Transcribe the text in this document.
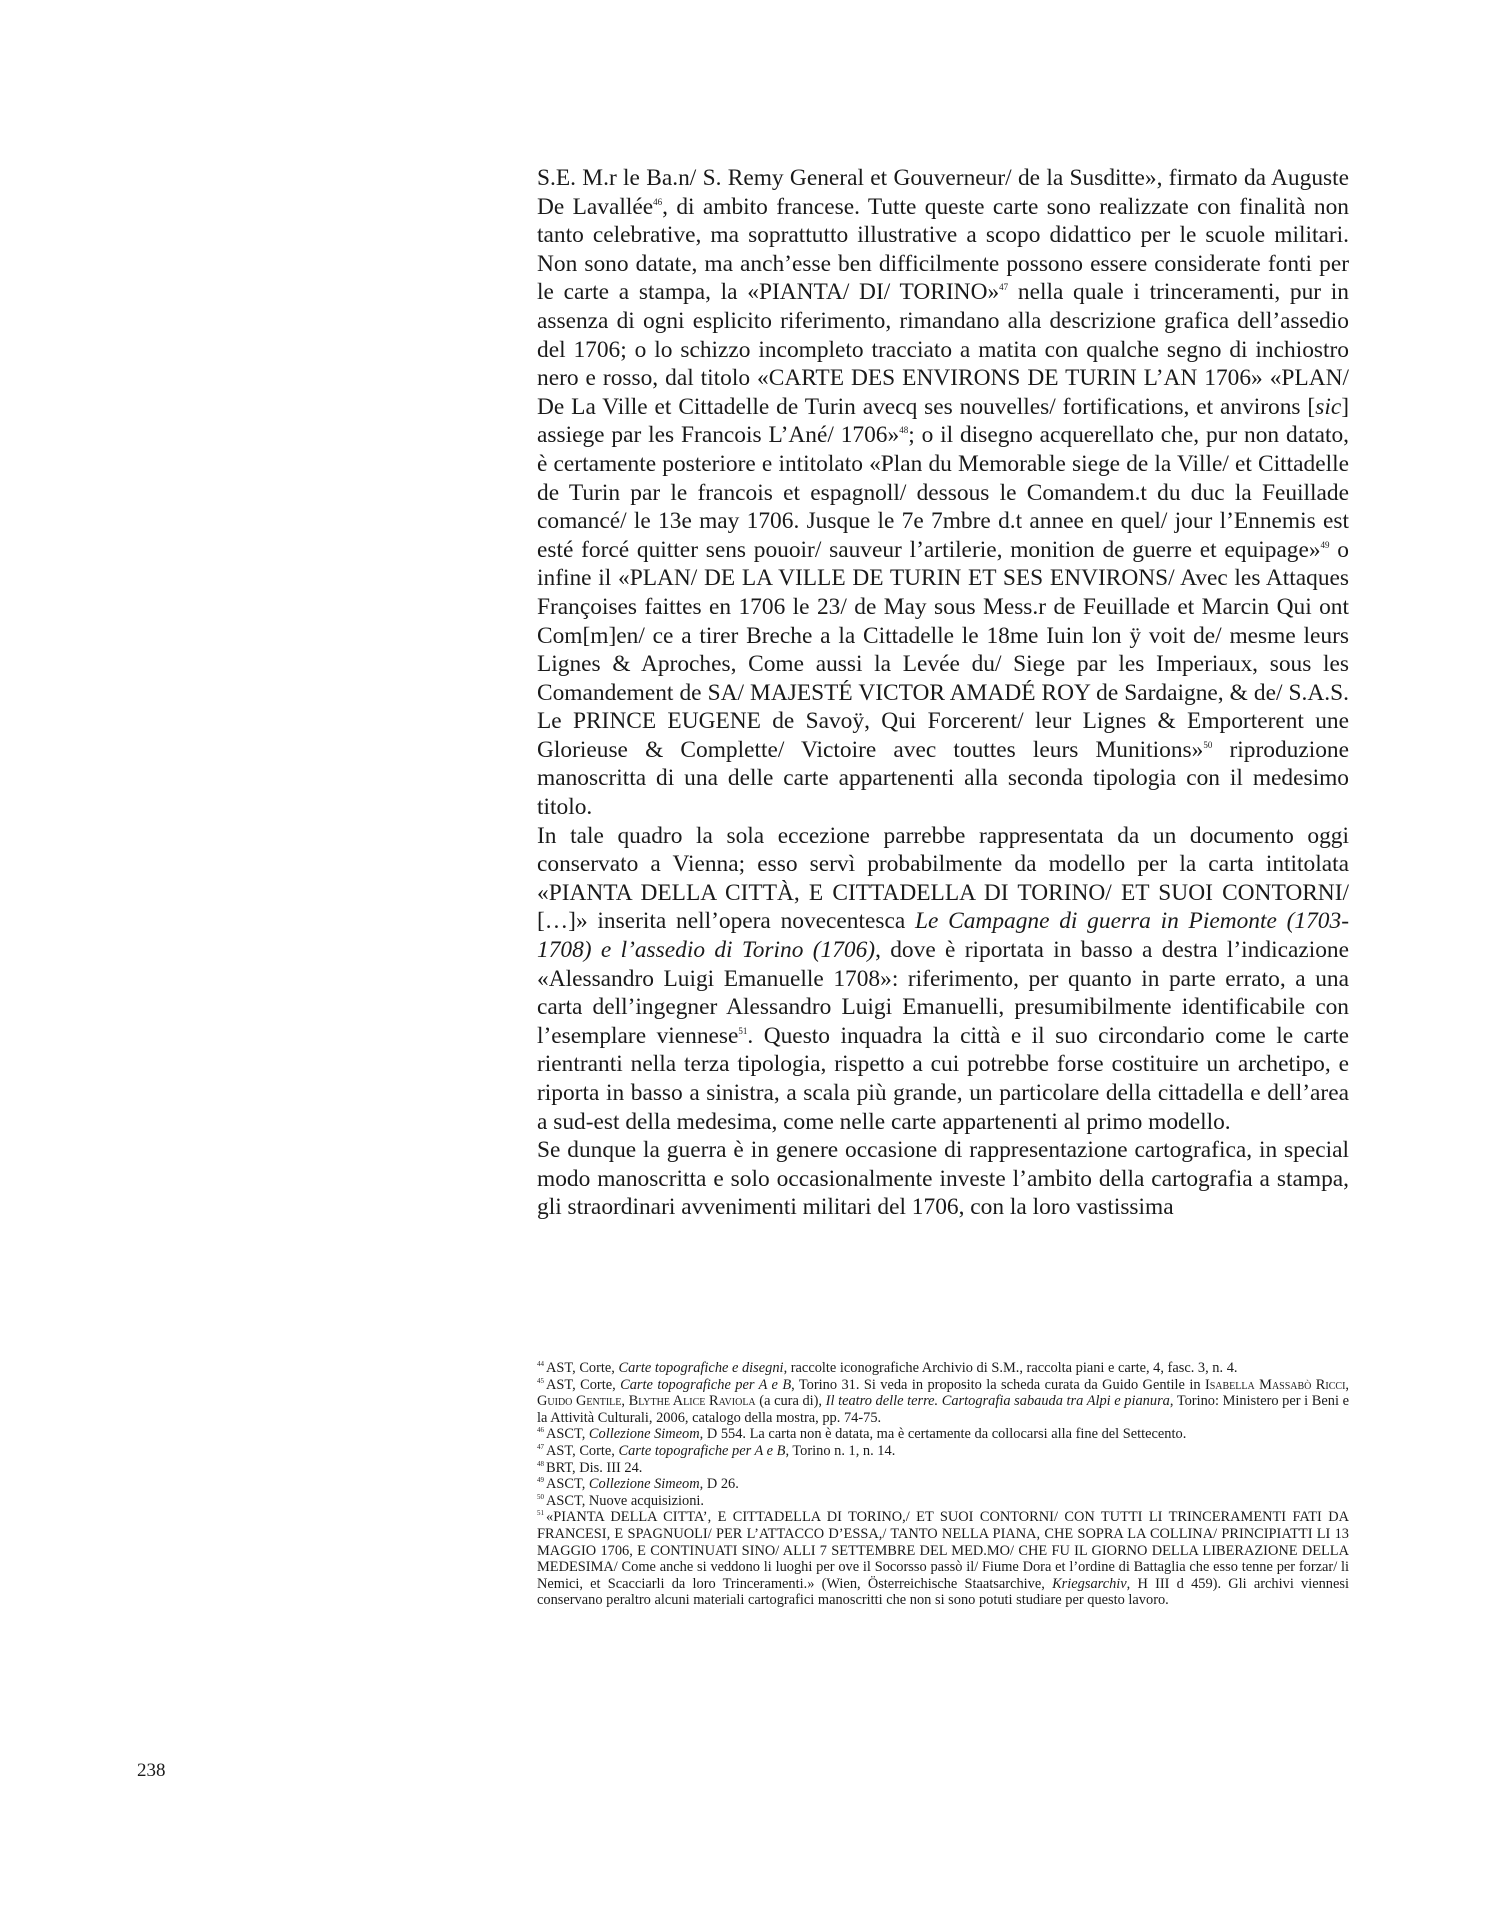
S.E. M.r le Ba.n/ S. Remy General et Gouverneur/ de la Susditte», firmato da Auguste De Lavallée$^{46}$, di ambito francese. Tutte queste carte sono realizzate con finalità non tanto celebrative, ma soprattutto illustrative a scopo didattico per le scuole militari. Non sono datate, ma anch’esse ben difficilmente possono essere considerate fonti per le carte a stampa, la «PIANTA/ DI/ TORINO»$^{47}$ nella quale i trinceramenti, pur in assenza di ogni esplicito riferimento, rimandano alla descrizione grafica dell’assedio del 1706; o lo schizzo incompleto tracciato a matita con qualche segno di inchiostro nero e rosso, dal titolo «CARTE DES ENVIRONS DE TURIN L’AN 1706» «PLAN/ De La Ville et Cittadelle de Turin avecq ses nouvelles/ fortifications, et anvirons [sic] assiege par les Francois L’Ané/ 1706»$^{48}$; o il disegno acquerellato che, pur non datato, è certamente posteriore e intitolato «Plan du Memorable siege de la Ville/ et Cittadelle de Turin par le francois et espagnoll/ dessous le Comandem.t du duc la Feuillade comancé/ le 13e may 1706. Jusque le 7e 7mbre d.t annee en quel/ jour l’Ennemis est esté forcé quitter sens pouoir/ sauveur l’artilerie, monition de guerre et equipage»$^{49}$ o infine il «PLAN/ DE LA VILLE DE TURIN ET SES ENVIRONS/ Avec les Attaques Françoises faittes en 1706 le 23/ de May sous Mess.r de Feuillade et Marcin Qui ont Com[m]en/ ce a tirer Breche a la Cittadelle le 18me Iuin lon ÿ voit de/ mesme leurs Lignes & Aproches, Come aussi la Levée du/ Siege par les Imperiaux, sous les Comandement de SA/ MAJESTÉ VICTOR AMADÉ ROY de Sardaigne, & de/ S.A.S. Le PRINCE EUGENE de Savoÿ, Qui Forcerent/ leur Lignes & Emporterent une Glorieuse & Complette/ Victoire avec touttes leurs Munitions»$^{50}$ riproduzione manoscritta di una delle carte appartenenti alla seconda tipologia con il medesimo titolo.

In tale quadro la sola eccezione parrebbe rappresentata da un documento oggi conservato a Vienna; esso servì probabilmente da modello per la carta intitolata «PIANTA DELLA CITTÀ, E CITTADELLA DI TORINO/ ET SUOI CONTORNI/ […]» inserita nell’opera novecentesca Le Campagne di guerra in Piemonte (1703-1708) e l’assedio di Torino (1706), dove è riportata in basso a destra l’indicazione «Alessandro Luigi Emanuelle 1708»: riferimento, per quanto in parte errato, a una carta dell’ingegner Alessandro Luigi Emanuelli, presumibilmente identificabile con l’esemplare viennese$^{51}$. Questo inquadra la città e il suo circondario come le carte rientranti nella terza tipologia, rispetto a cui potrebbe forse costituire un archetipo, e riporta in basso a sinistra, a scala più grande, un particolare della cittadella e dell’area a sud-est della medesima, come nelle carte appartenenti al primo modello.

Se dunque la guerra è in genere occasione di rappresentazione cartografica, in special modo manoscritta e solo occasionalmente investe l’ambito della cartografia a stampa, gli straordinari avvenimenti militari del 1706, con la loro vastissima

$^{44}$ AST, Corte, Carte topografiche e disegni, raccolte iconografiche Archivio di S.M., raccolta piani e carte, 4, fasc. 3, n. 4.

$^{45}$ AST, Corte, Carte topografiche per A e B, Torino 31. Si veda in proposito la scheda curata da Guido Gentile in Isabella Massabò Ricci, Guido Gentile, Blythe Alice Raviola (a cura di), Il teatro delle terre. Cartografia sabauda tra Alpi e pianura, Torino: Ministero per i Beni e la Attività Culturali, 2006, catalogo della mostra, pp. 74-75.

$^{46}$ ASCT, Collezione Simeom, D 554. La carta non è datata, ma è certamente da collocarsi alla fine del Settecento.

$^{47}$ AST, Corte, Carte topografiche per A e B, Torino n. 1, n. 14.

$^{48}$ BRT, Dis. III 24.

$^{49}$ ASCT, Collezione Simeom, D 26.

$^{50}$ ASCT, Nuove acquisizioni.

$^{51}$ «PIANTA DELLA CITTA’, E CITTADELLA DI TORINO,/ ET SUOI CONTORNI/ CON TUTTI LI TRINCERAMENTI FATI DA FRANCESI, E SPAGNUOLI/ PER L’ATTACCO D’ESSA,/ TANTO NELLA PIANA, CHE SOPRA LA COLLINA/ PRINCIPIATTI LI 13 MAGGIO 1706, E CONTINUATI SINO/ ALLI 7 SETTEMBRE DEL MED.MO/ CHE FU IL GIORNO DELLA LIBERAZIONE DELLA MEDESIMA/ Come anche si veddono li luoghi per ove il Socorsso passò il/ Fiume Dora et l’ordine di Battaglia che esso tenne per forzar/ li Nemici, et Scacciarli da loro Trinceramenti.» (Wien, Österreichische Staatsarchive, Kriegsarchiv, H III d 459). Gli archivi viennesi conservano peraltro alcuni materiali cartografici manoscritti che non si sono potuti studiare per questo lavoro.

238
